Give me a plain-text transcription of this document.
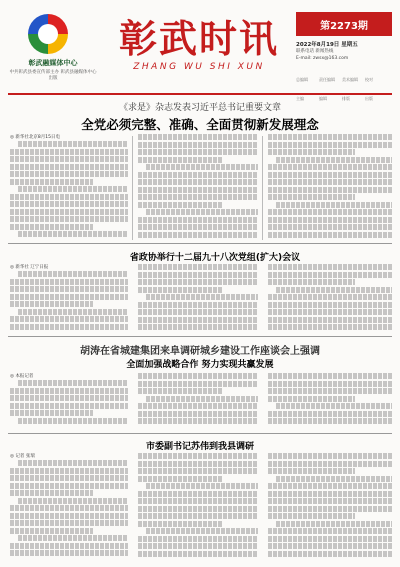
彰武融媒体中心
中共彰武县委宣传部主办 彰武县融媒体中心出版
彰武时讯
ZHANG WU SHI XUN
第2273期
2022年8月19日 星期五
联系电话 新闻热线
E-mail: zwsx@163.com
总编辑	责任编辑 美术编辑 校对主编	编辑	排版	出版
《求是》杂志发表习近平总书记重要文章
全党必须完整、准确、全面贯彻新发展理念
◎ 新华社北京8月15日电
省政协举行十二届九十八次党组(扩大)会议
◎ 新华社 辽宁日报
胡涛在省城建集团来阜调研城乡建设工作座谈会上强调
全面加强战略合作 努力实现共赢发展
◎ 本报记者
市委副书记苏伟到我县调研
◎ 记者 张瑞
